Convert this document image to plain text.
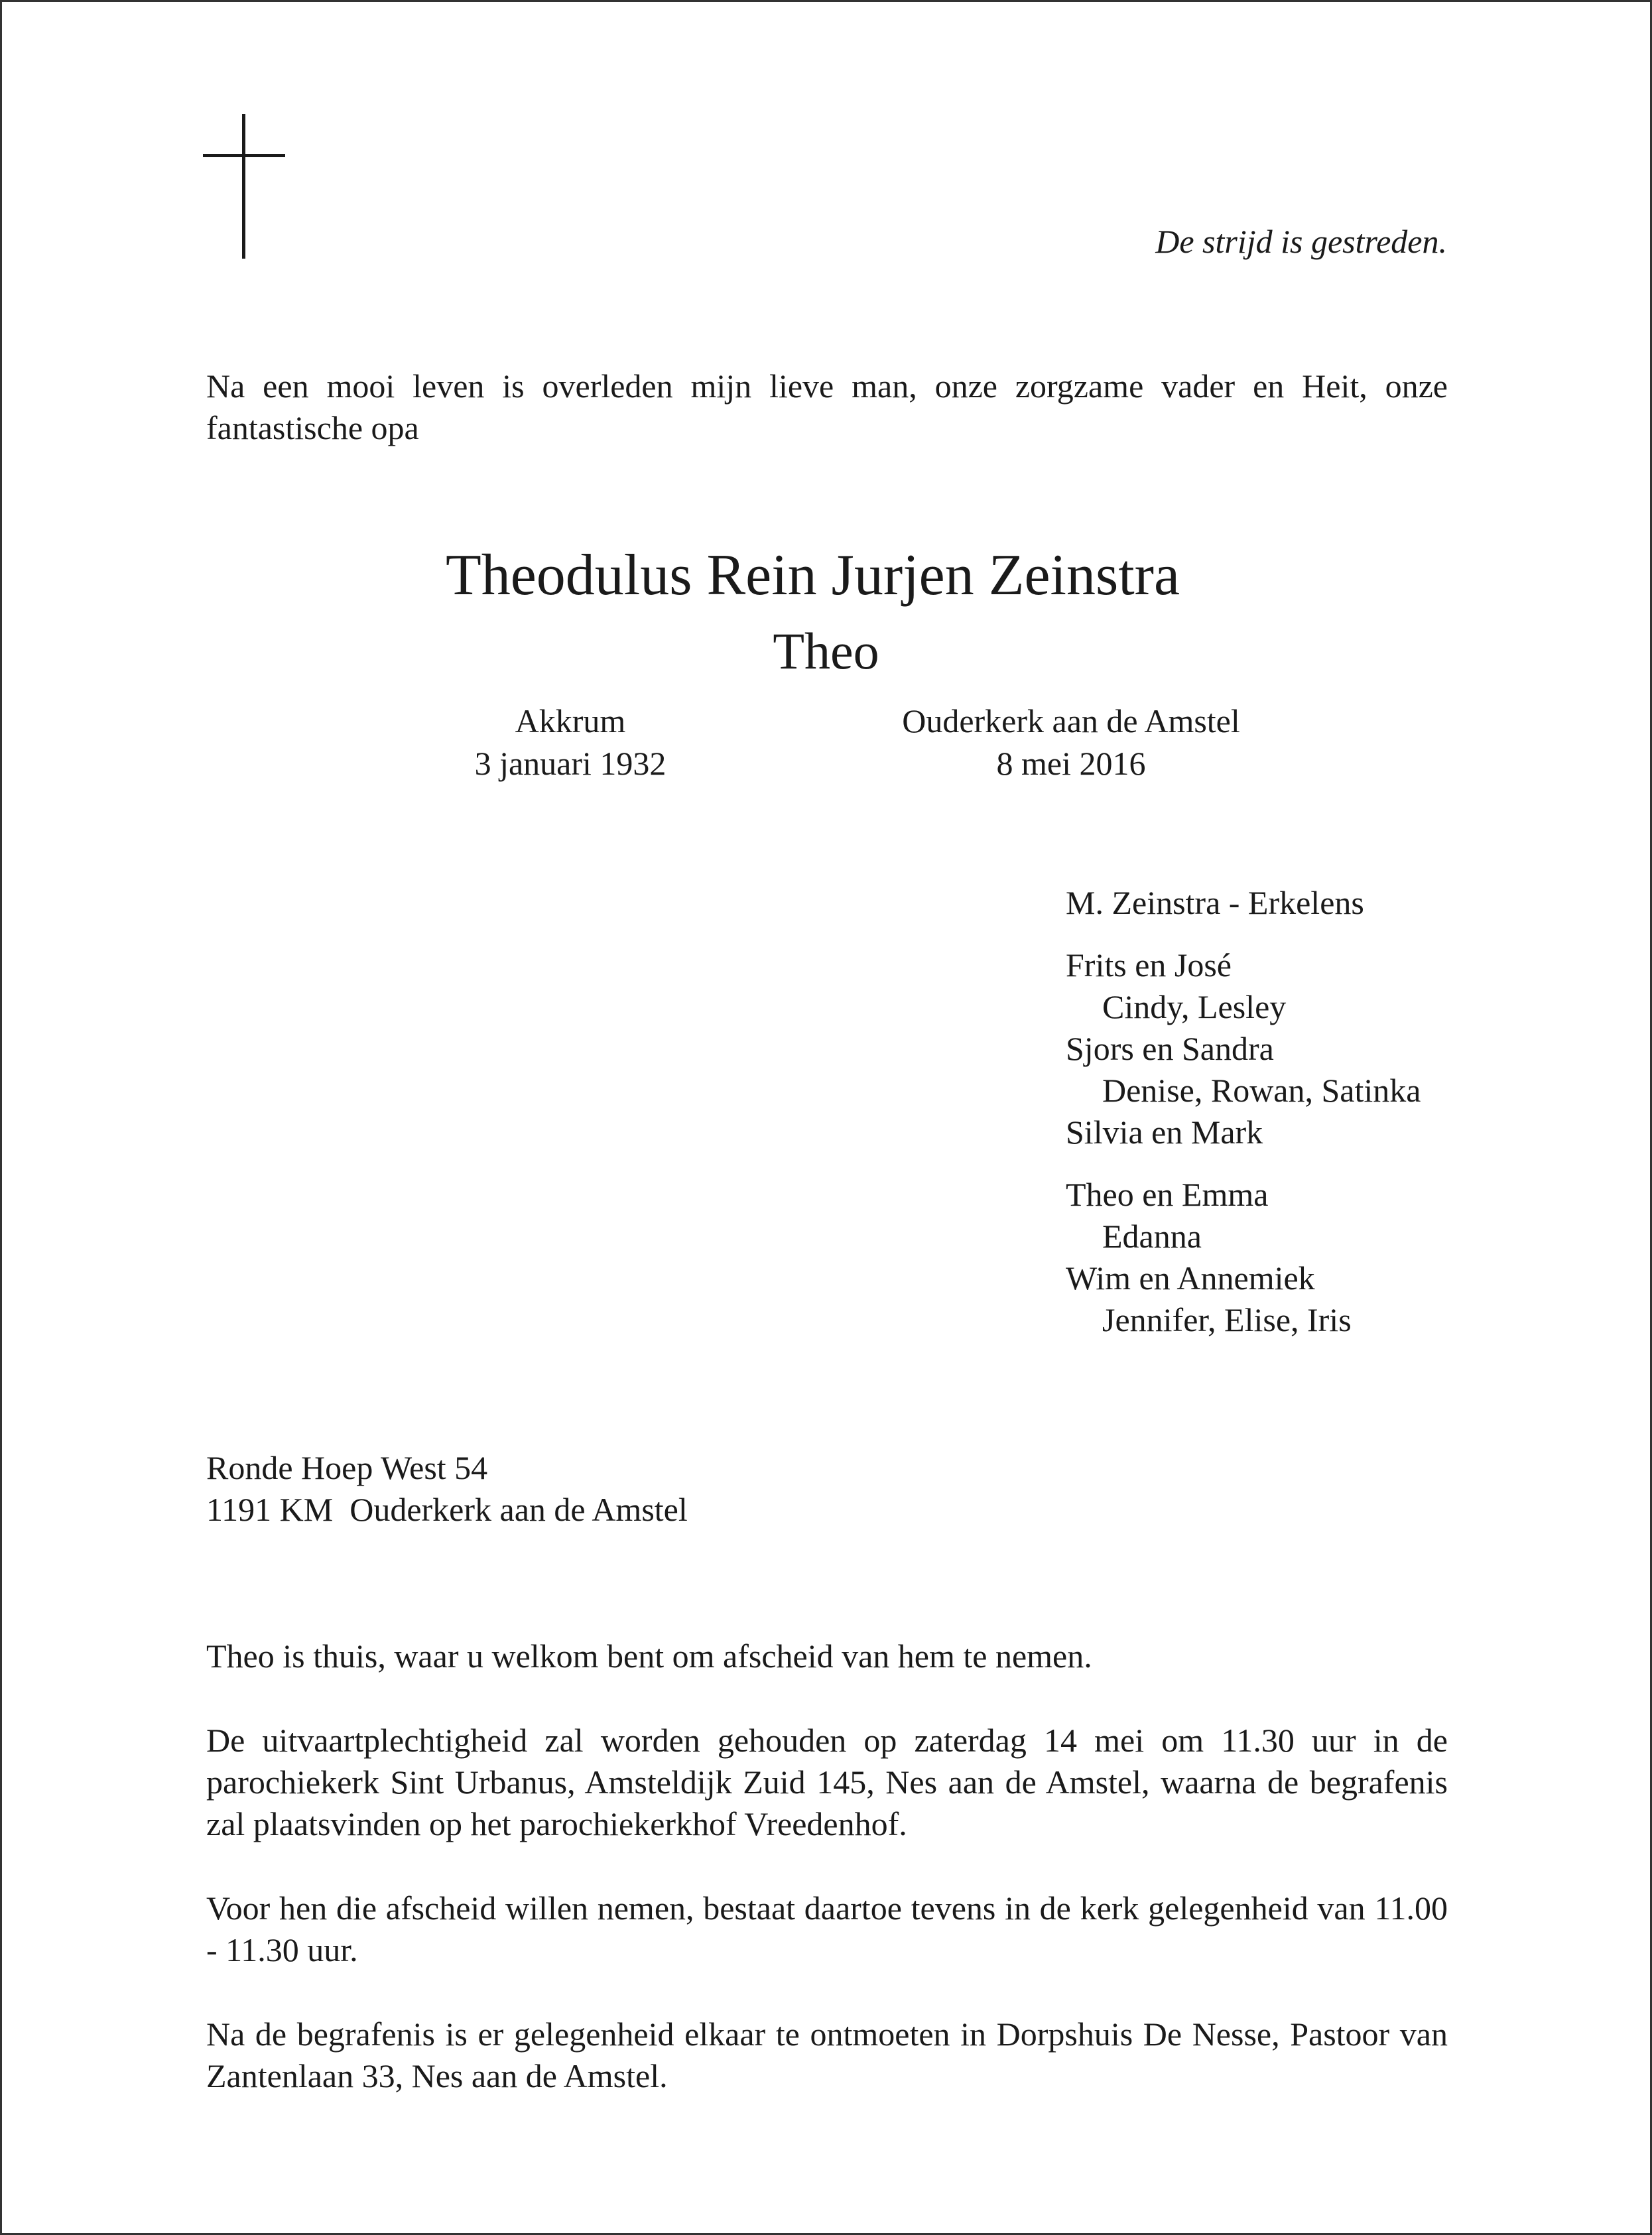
De strijd is gestreden.
Na een mooi leven is overleden mijn lieve man, onze zorgzame vader en Heit, onze fantastische opa
Theodulus Rein Jurjen Zeinstra
Theo
Akkrum
3 januari 1932
Ouderkerk aan de Amstel
8 mei 2016
M. Zeinstra - Erkelens
Frits en José
Cindy, Lesley
Sjors en Sandra
Denise, Rowan, Satinka
Silvia en Mark
Theo en Emma
Edanna
Wim en Annemiek
Jennifer, Elise, Iris
Ronde Hoep West 54
1191 KM  Ouderkerk aan de Amstel
Theo is thuis, waar u welkom bent om afscheid van hem te nemen.
De uitvaartplechtigheid zal worden gehouden op zaterdag 14 mei om 11.30 uur in de parochiekerk Sint Urbanus, Amsteldijk Zuid 145, Nes aan de Amstel, waarna de begrafenis zal plaatsvinden op het parochiekerkhof Vreedenhof.
Voor hen die afscheid willen nemen, bestaat daartoe tevens in de kerk gelegenheid van 11.00 - 11.30 uur.
Na de begrafenis is er gelegenheid elkaar te ontmoeten in Dorpshuis De Nesse, Pastoor van Zantenlaan 33, Nes aan de Amstel.
